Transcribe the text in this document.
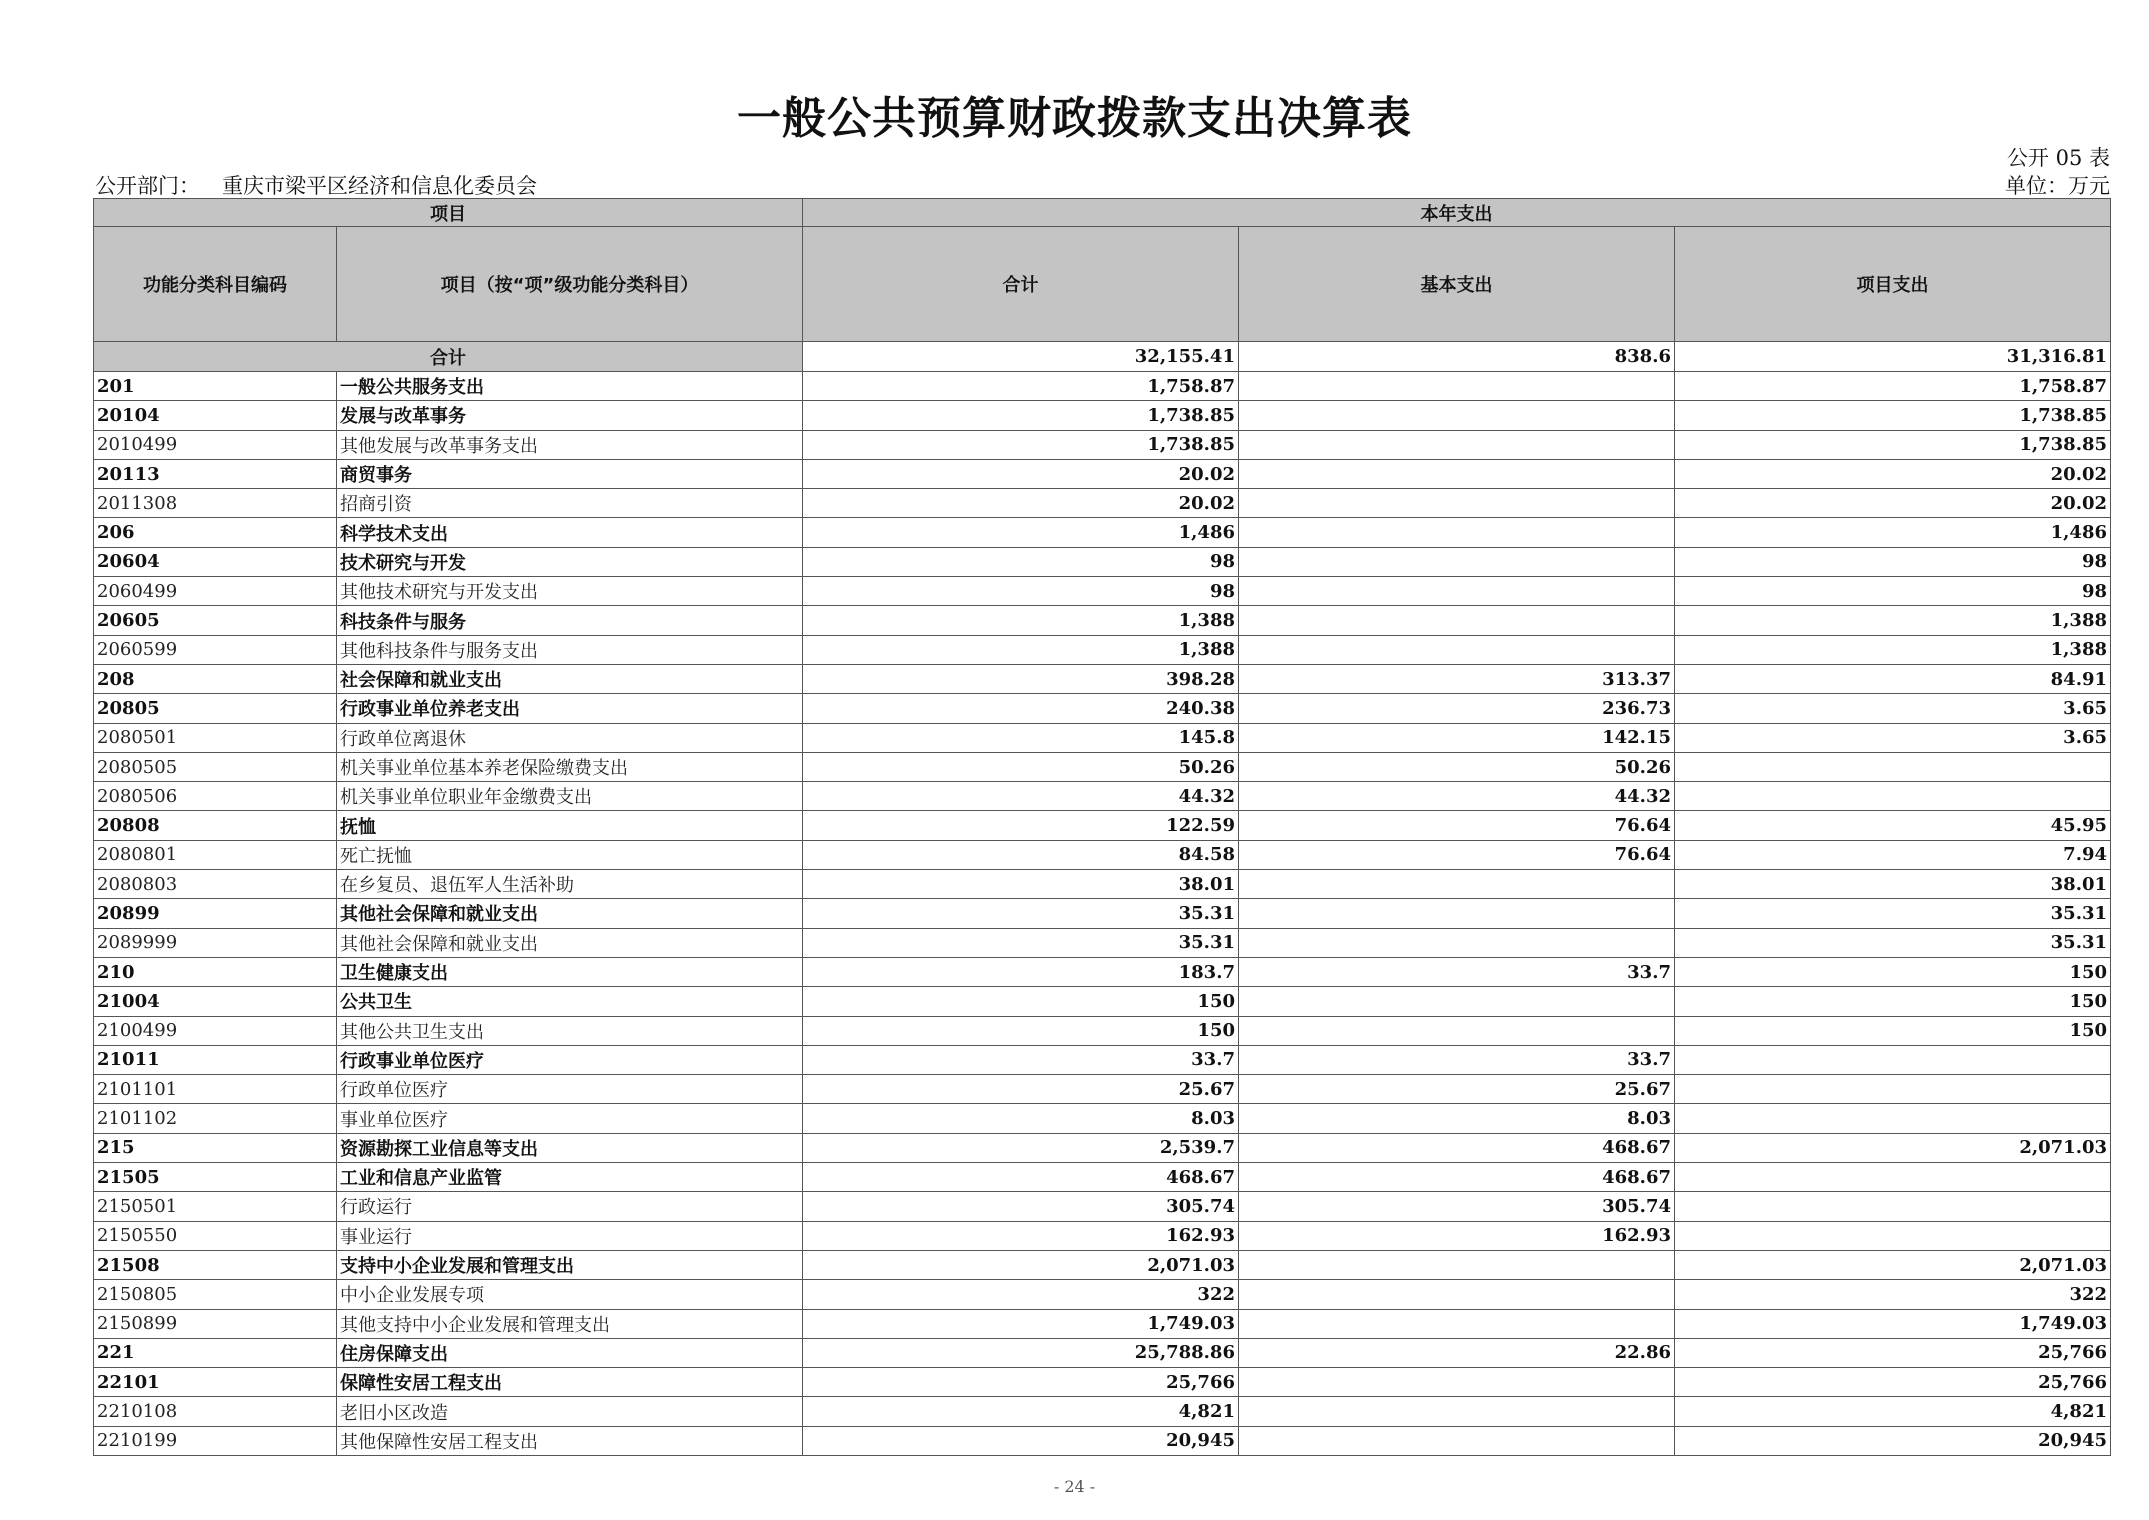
一般公共预算财政拨款支出决算表
公开 05 表
公开部门： 重庆市梁平区经济和信息化委员会	单位：万元
项目		本年支出		
功能分类科目编码	项目（按“项”级功能分类科目）	合计	基本支出	项目支出
合计		32,155.41	838.6	31,316.81
201	一般公共服务支出	1,758.87		1,758.87
20104	发展与改革事务	1,738.85		1,738.85
2010499	其他发展与改革事务支出	1,738.85		1,738.85
20113	商贸事务	20.02		20.02
2011308	招商引资	20.02		20.02
206	科学技术支出	1,486		1,486
20604	技术研究与开发	98		98
2060499	其他技术研究与开发支出	98		98
20605	科技条件与服务	1,388		1,388
2060599	其他科技条件与服务支出	1,388		1,388
208	社会保障和就业支出	398.28	313.37	84.91
20805	行政事业单位养老支出	240.38	236.73	3.65
2080501	行政单位离退休	145.8	142.15	3.65
2080505	机关事业单位基本养老保险缴费支出	50.26	50.26	
2080506	机关事业单位职业年金缴费支出	44.32	44.32	
20808	抚恤	122.59	76.64	45.95
2080801	死亡抚恤	84.58	76.64	7.94
2080803	在乡复员、退伍军人生活补助	38.01		38.01
20899	其他社会保障和就业支出	35.31		35.31
2089999	其他社会保障和就业支出	35.31		35.31
210	卫生健康支出	183.7	33.7	150
21004	公共卫生	150		150
2100499	其他公共卫生支出	150		150
21011	行政事业单位医疗	33.7	33.7	
2101101	行政单位医疗	25.67	25.67	
2101102	事业单位医疗	8.03	8.03	
215	资源勘探工业信息等支出	2,539.7	468.67	2,071.03
21505	工业和信息产业监管	468.67	468.67	
2150501	行政运行	305.74	305.74	
2150550	事业运行	162.93	162.93	
21508	支持中小企业发展和管理支出	2,071.03		2,071.03
2150805	中小企业发展专项	322		322
2150899	其他支持中小企业发展和管理支出	1,749.03		1,749.03
221	住房保障支出	25,788.86	22.86	25,766
22101	保障性安居工程支出	25,766		25,766
2210108	老旧小区改造	4,821		4,821
2210199	其他保障性安居工程支出	20,945		20,945
- 24 -
